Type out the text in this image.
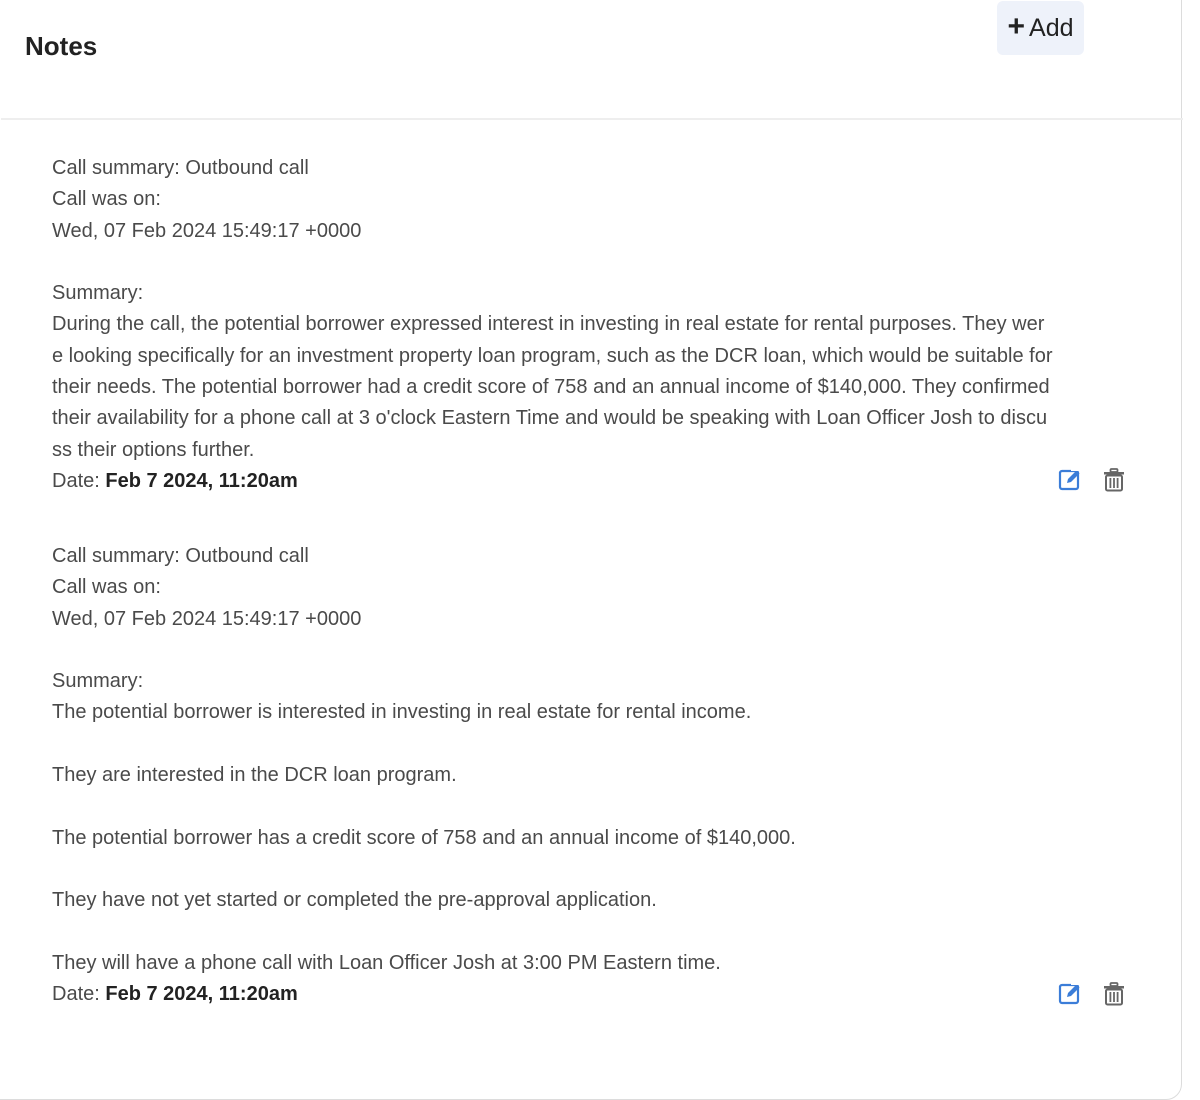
Notes
+ Add
Call summary: Outbound call
Call was on:
Wed, 07 Feb 2024 15:49:17 +0000
Summary:
During the call, the potential borrower expressed interest in investing in real estate for rental purposes. They wer
e looking specifically for an investment property loan program, such as the DCR loan, which would be suitable for
their needs. The potential borrower had a credit score of 758 and an annual income of $140,000. They confirmed
their availability for a phone call at 3 o'clock Eastern Time and would be speaking with Loan Officer Josh to discu
ss their options further.
Date: Feb 7 2024, 11:20am
Call summary: Outbound call
Call was on:
Wed, 07 Feb 2024 15:49:17 +0000
Summary:
The potential borrower is interested in investing in real estate for rental income.
They are interested in the DCR loan program.
The potential borrower has a credit score of 758 and an annual income of $140,000.
They have not yet started or completed the pre-approval application.
They will have a phone call with Loan Officer Josh at 3:00 PM Eastern time.
Date: Feb 7 2024, 11:20am
